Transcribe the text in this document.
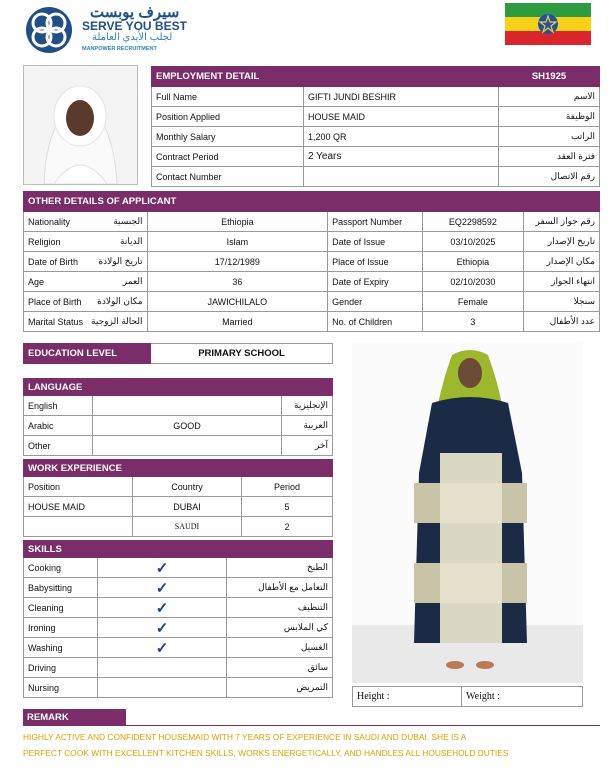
سيرف يوبست
SERVE YOU BEST
لجلب الأيدي العاملة
MANPOWER RECRUITMENT
EMPLOYMENT DETAIL		SH1925
Full Name	GIFTI JUNDI BESHIR	الاسم
Position Applied	HOUSE MAID	الوظيفة
Monthly Salary	1,200 QR	الراتب
Contract Period	2 Years	فترة العقد
Contact Number		رقم الاتصال
OTHER DETAILS OF APPLICANT					
Nationality	الجنسية	Ethiopia	Passport Number	EQ2298592	رقم جواز السفر
Religion	الديانة	Islam	Date of Issue	03/10/2025	تاريخ الإصدار
Date of Birth	تاريخ الولادة	17/12/1989	Place of Issue	Ethiopia	مكان الإصدار
Age	العمر	36	Date of Expiry	02/10/2030	انتهاء الجواز
Place of Birth	مكان الولادة	JAWICHILALO	Gender	Female	سنجلا
Marital Status	الحالة الزوجية	Married	No. of Children	3	عدد الأطفال
EDUCATION LEVEL	PRIMARY SCHOOL
LANGUAGE		
English		الإنجليزية
Arabic	GOOD	العربية
Other		آخر
WORK EXPERIENCE		
Position	Country	Period
HOUSE MAID	DUBAI	5
	SAUDI	2
SKILLS		
Cooking	✓	الطبخ
Babysitting	✓	التعامل مع الأطفال
Cleaning	✓	التنظيف
Ironing	✓	كي الملابس
Washing	✓	الغسيل
Driving		سائق
Nursing		التمريض
Height :	Weight :
REMARK
HIGHLY ACTIVE AND CONFIDENT HOUSEMAID WITH 7 YEARS OF EXPERIENCE IN SAUDI AND DUBAI. SHE IS A
PERFECT COOK WITH EXCELLENT KITCHEN SKILLS, WORKS ENERGETICALLY, AND HANDLES ALL HOUSEHOLD DUTIES
